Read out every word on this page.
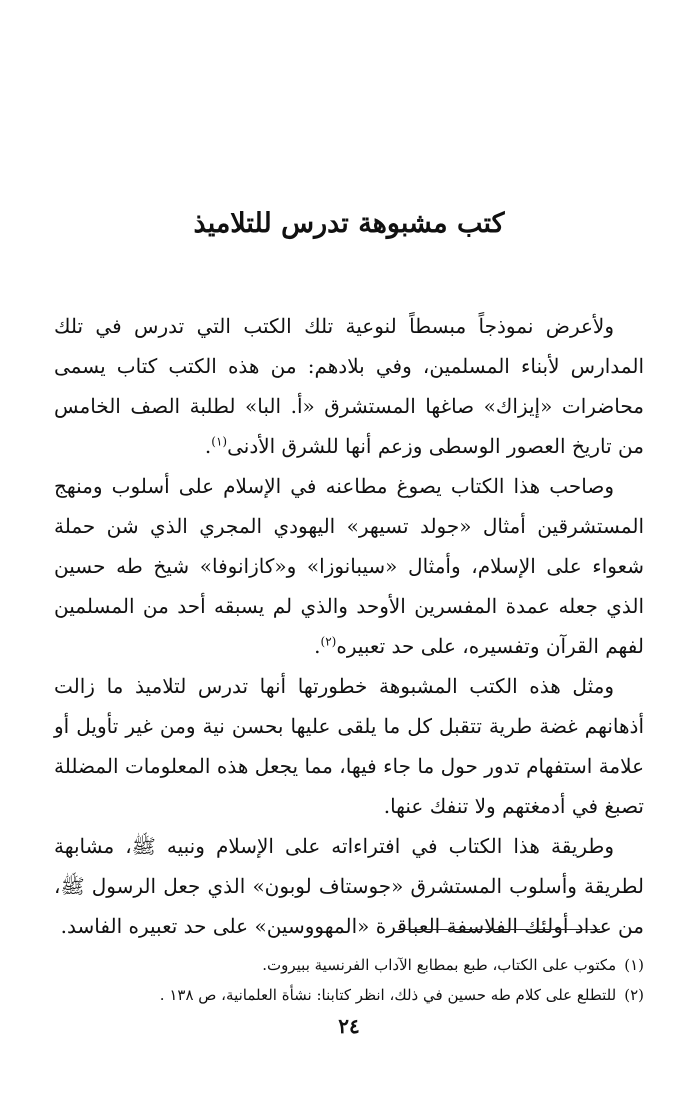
كتب مشبوهة تدرس للتلاميذ

ولأعرض نموذجاً مبسطاً لنوعية تلك الكتب التي تدرس في تلك المدارس لأبناء المسلمين، وفي بلادهم: من هذه الكتب كتاب يسمى محاضرات «إيزاك» صاغها المستشرق «أ. البا» لطلبة الصف الخامس من تاريخ العصور الوسطى وزعم أنها للشرق الأدنى$^{(١)}$.

وصاحب هذا الكتاب يصوغ مطاعنه في الإسلام على أسلوب ومنهج المستشرقين أمثال «جولد تسيهر» اليهودي المجري الذي شن حملة شعواء على الإسلام، وأمثال «سيبانوزا» و«كازانوفا» شيخ طه حسين الذي جعله عمدة المفسرين الأوحد والذي لم يسبقه أحد من المسلمين لفهم القرآن وتفسيره، على حد تعبيره$^{(٢)}$.

ومثل هذه الكتب المشبوهة خطورتها أنها تدرس لتلاميذ ما زالت أذهانهم غضة طرية تتقبل كل ما يلقى عليها بحسن نية ومن غير تأويل أو علامة استفهام تدور حول ما جاء فيها، مما يجعل هذه المعلومات المضللة تصبغ في أدمغتهم ولا تنفك عنها.

وطريقة هذا الكتاب في افتراءاته على الإسلام ونبيه ﷺ، مشابهة لطريقة وأسلوب المستشرق «جوستاف لوبون» الذي جعل الرسول ﷺ، من عداد أولئك الفلاسفة العباقرة «المهووسين» على حد تعبيره الفاسد.

(١)مكتوب على الكتاب، طبع بمطابع الآداب الفرنسية ببيروت.

(٢)للتطلع على كلام طه حسين في ذلك، انظر كتابنا: نشأة العلمانية، ص ١٣٨ .

٢٤
